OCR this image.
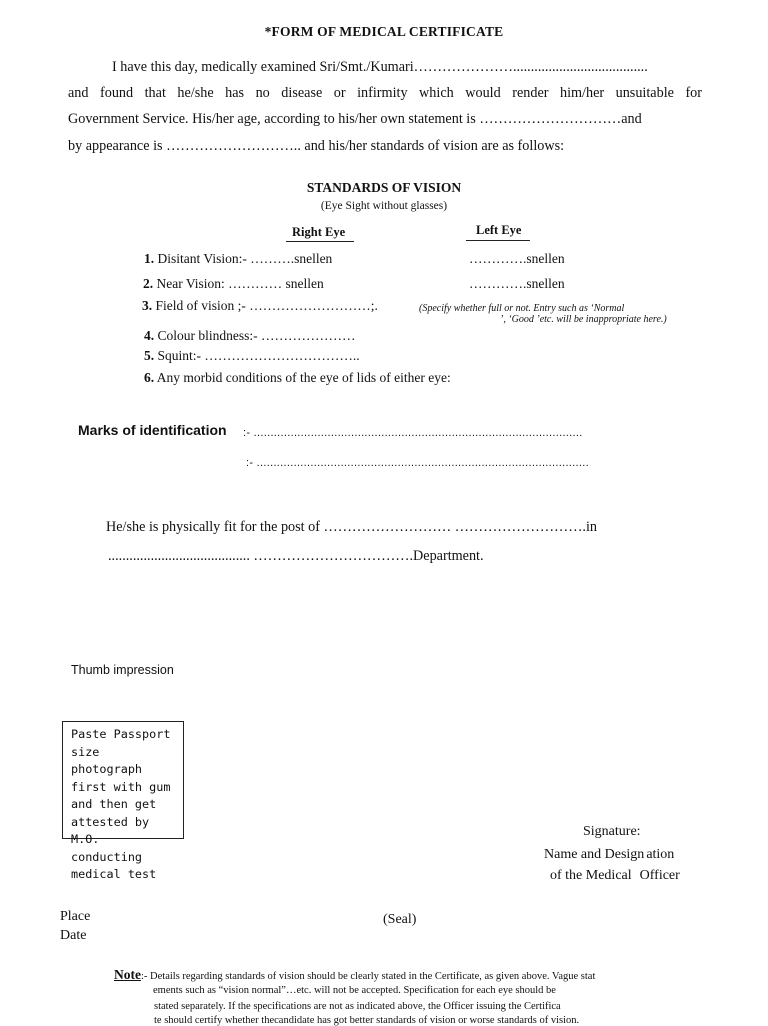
*FORM OF MEDICAL CERTIFICATE
I have this day, medically examined Sri/Smt./Kumari…………………......................................
and found that he/she has no disease or infirmity which would render him/her unsuitable for
Government Service. His/her age, according to his/her own statement is …………………………and
by appearance is ……………………….. and his/her standards of vision are as follows:
STANDARDS OF VISION
(Eye Sight without glasses)
Right Eye	Left Eye
1. Disitant Vision:- ……….snellen	………….snellen
2. Near Vision: ………… snellen	………….snellen
3. Field of vision ;- ………………………;.	(Specify whether full or not. Entry such as ‘Normal
’, ‘Good ’etc. will be inappropriate here.)
4. Colour blindness:- …………………
5. Squint:- ……………………………..
6. Any morbid conditions of the eye of lids of either eye:
Marks of identification :- ..................................................................................................
:- ...................................................................................................
He/she is physically fit for the post of ……………………… ……………………….in
........................................ …………………………….Department.
Thumb impression
Paste Passport size photograph first with gum and then get attested by M.O. conducting medical test
Signature:
Name and Design ation
of the Medical Officer
Place
Date
(Seal)
Note:- Details regarding standards of vision should be clearly stated in the Certificate, as given above. Vague stat
ements such as “vision normal”…etc. will not be accepted. Specification for each eye should be
stated separately. If the specifications are not as indicated above, the Officer issuing the Certifica
te should certify whether thecandidate has got better standards of vision or worse standards of vision.
